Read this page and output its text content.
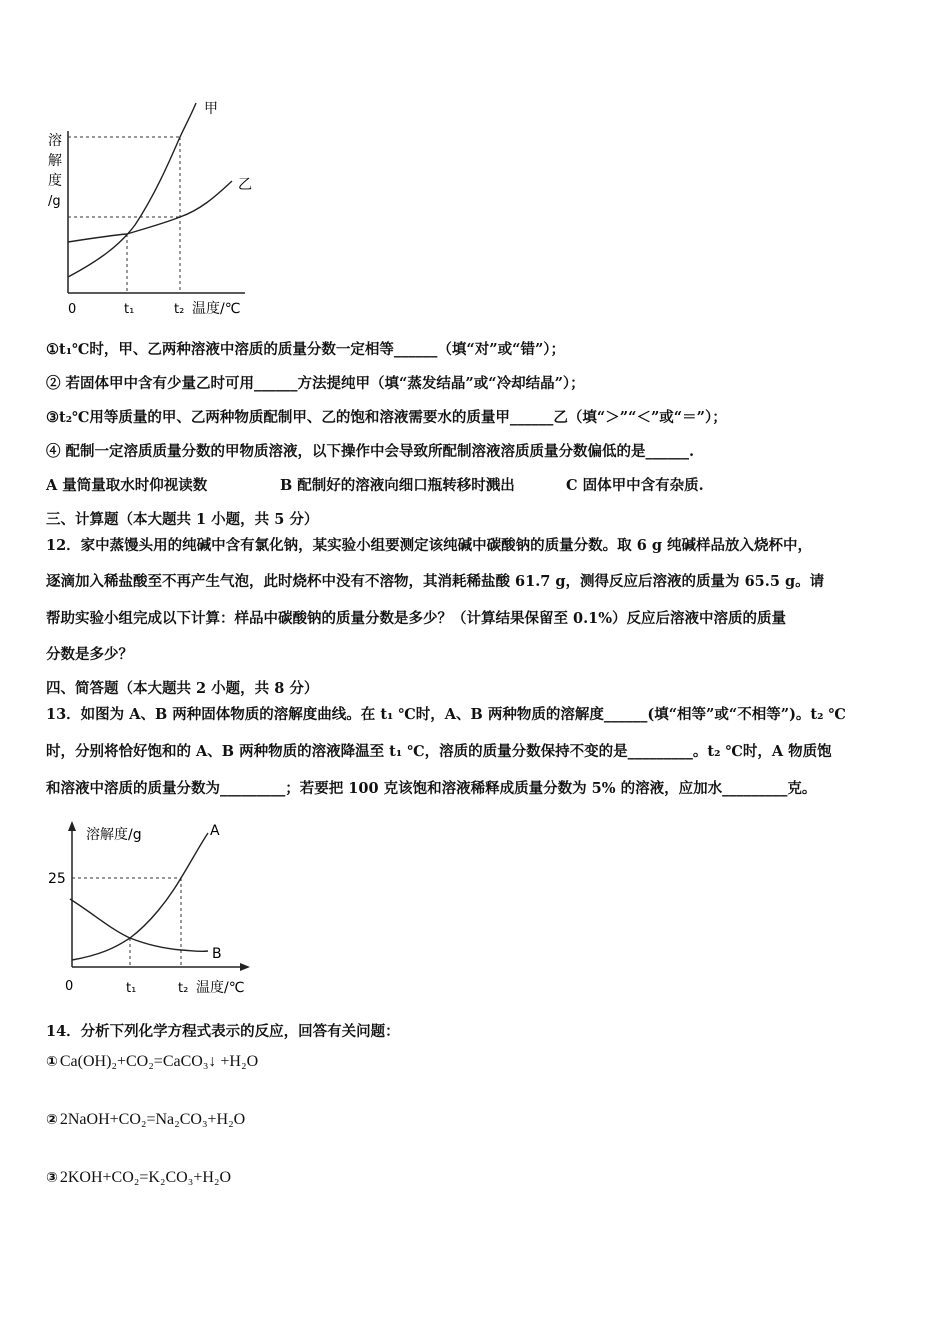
溶
解
度
/g
0	t₁	t₂ 温度/℃
甲
乙
①t₁℃时，甲、乙两种溶液中溶质的质量分数一定相等______（填“对”或“错”）；
② 若固体甲中含有少量乙时可用______方法提纯甲（填“蒸发结晶”或“冷却结晶”）；
③t₂℃用等质量的甲、乙两种物质配制甲、乙的饱和溶液需要水的质量甲______乙（填“＞”“＜”或“＝”）；
④ 配制一定溶质质量分数的甲物质溶液，以下操作中会导致所配制溶液溶质质量分数偏低的是______.
A 量筒量取水时仰视读数	B 配制好的溶液向细口瓶转移时溅出	C 固体甲中含有杂质.
三、计算题（本大题共 1 小题，共 5 分）
12．家中蒸馒头用的纯碱中含有氯化钠，某实验小组要测定该纯碱中碳酸钠的质量分数。取 6 g 纯碱样品放入烧杯中，
逐滴加入稀盐酸至不再产生气泡，此时烧杯中没有不溶物，其消耗稀盐酸 61.7 g，测得反应后溶液的质量为 65.5 g。请
帮助实验小组完成以下计算：样品中碳酸钠的质量分数是多少？（计算结果保留至 0.1%）反应后溶液中溶质的质量
分数是多少？
四、简答题（本大题共 2 小题，共 8 分）
13．如图为 A、B 两种固体物质的溶解度曲线。在 t₁ ℃时，A、B 两种物质的溶解度______(填“相等”或“不相等”)。t₂ ℃
时，分别将恰好饱和的 A、B 两种物质的溶液降温至 t₁ ℃，溶质的质量分数保持不变的是_________。t₂ ℃时，A 物质饱
和溶液中溶质的质量分数为_________；若要把 100 克该饱和溶液稀释成质量分数为 5% 的溶液，应加水_________克。
溶解度/g
25
0	t₁	t₂ 温度/℃
A
B
14．分析下列化学方程式表示的反应，回答有关问题：
① Ca(OH)₂+CO₂=CaCO₃↓ +H₂O
② 2NaOH+CO₂=Na₂CO₃+H₂O
③ 2KOH+CO₂=K₂CO₃+H₂O
